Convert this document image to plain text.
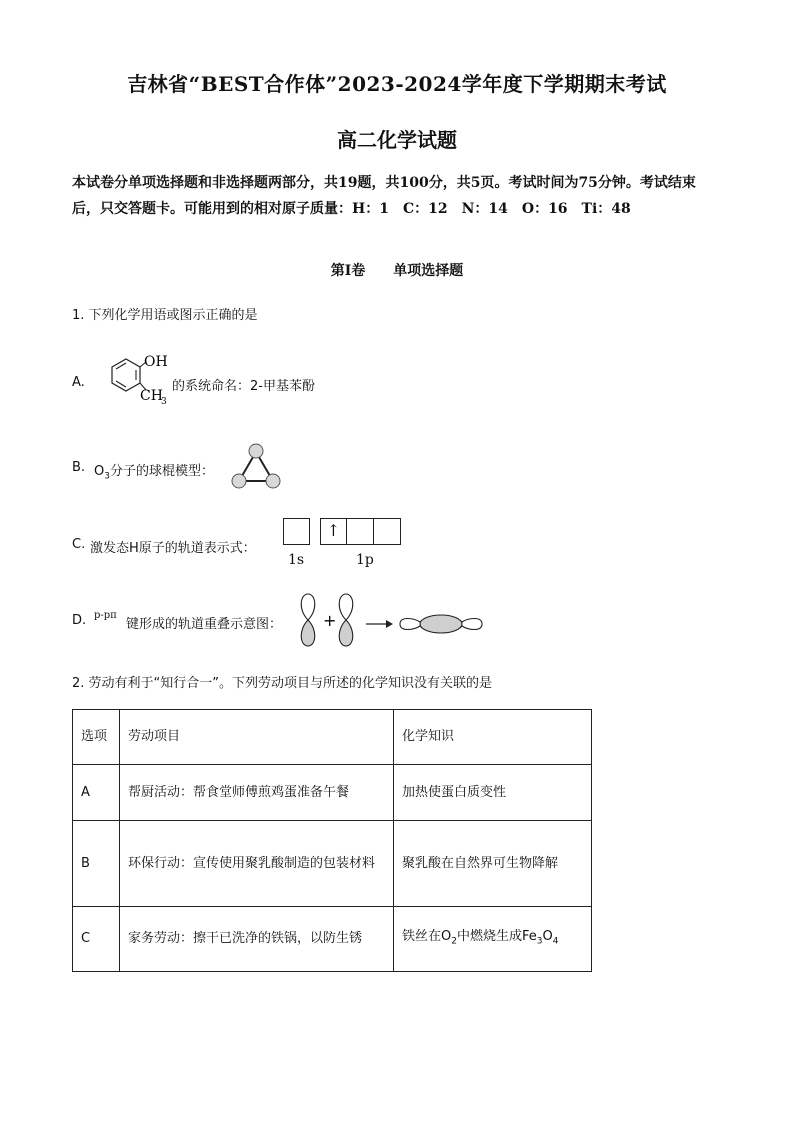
吉林省“BEST合作体”2023-2024学年度下学期期末考试
高二化学试题
本试卷分单项选择题和非选择题两部分，共19题，共100分，共5页。考试时间为75分钟。考试结束后，只交答题卡。可能用到的相对原子质量：H：1　C：12　N：14　O：16　Ti：48
第Ⅰ卷　　单项选择题
1. 下列化学用语或图示正确的是
A.
OH
CH
3
的系统命名：2-甲基苯酚
B. $O_3$分子的球棍模型：
C. 激发态H原子的轨道表示式：
↑
1s	1p
D. p-pπ
键形成的轨道重叠示意图：	+
2. 劳动有利于“知行合一”。下列劳动项目与所述的化学知识没有关联的是
选项	劳动项目	化学知识
A	帮厨活动：帮食堂师傅煎鸡蛋准备午餐	加热使蛋白质变性
B	环保行动：宣传使用聚乳酸制造的包装材料	聚乳酸在自然界可生物降解
C	家务劳动：擦干已洗净的铁锅，以防生锈	铁丝在$O_2$中燃烧生成$Fe_3O_4$
